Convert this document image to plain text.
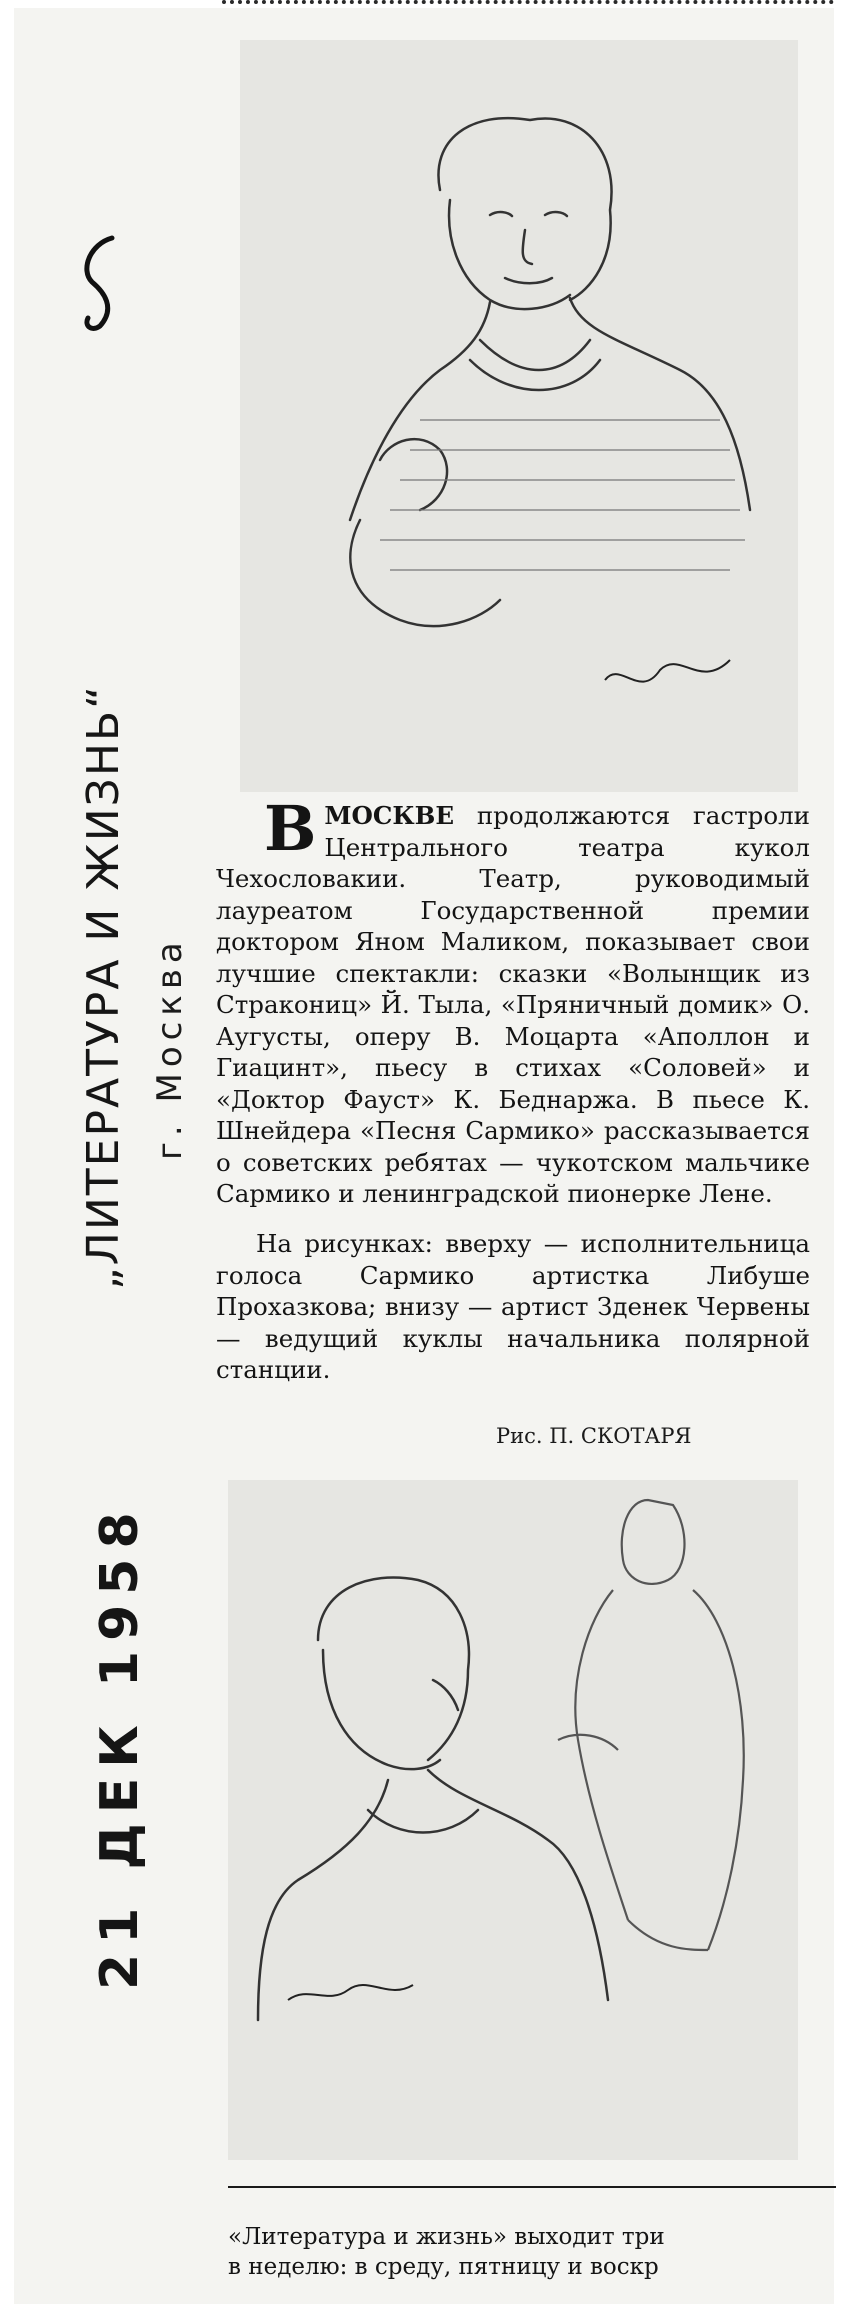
„ЛИТЕРАТУРА И ЖИЗНЬ“ г. Москва
21 ДЕК 1958
В МОСКВЕ продолжаются гастроли Центрального театра кукол Чехословакии. Театр, руководимый лауреатом Государственной премии доктором Яном Маликом, показывает свои лучшие спектакли: сказки «Волынщик из Стракониц» Й. Тыла, «Пряничный домик» О. Аугусты, оперу В. Моцарта «Аполлон и Гиацинт», пьесу в стихах «Соловей» и «Доктор Фауст» К. Беднаржа. В пьесе К. Шнейдера «Песня Сармико» рассказывается о советских ребятах — чукотском мальчике Сармико и ленинградской пионерке Лене.
На рисунках: вверху — исполнительница голоса Сармико артистка Либуше Прохазкова; внизу — артист Зденек Червены — ведущий куклы начальника полярной станции.
Рис. П. СКОТАРЯ
«Литература и жизнь» выходит три
в неделю: в среду, пятницу и воскр
